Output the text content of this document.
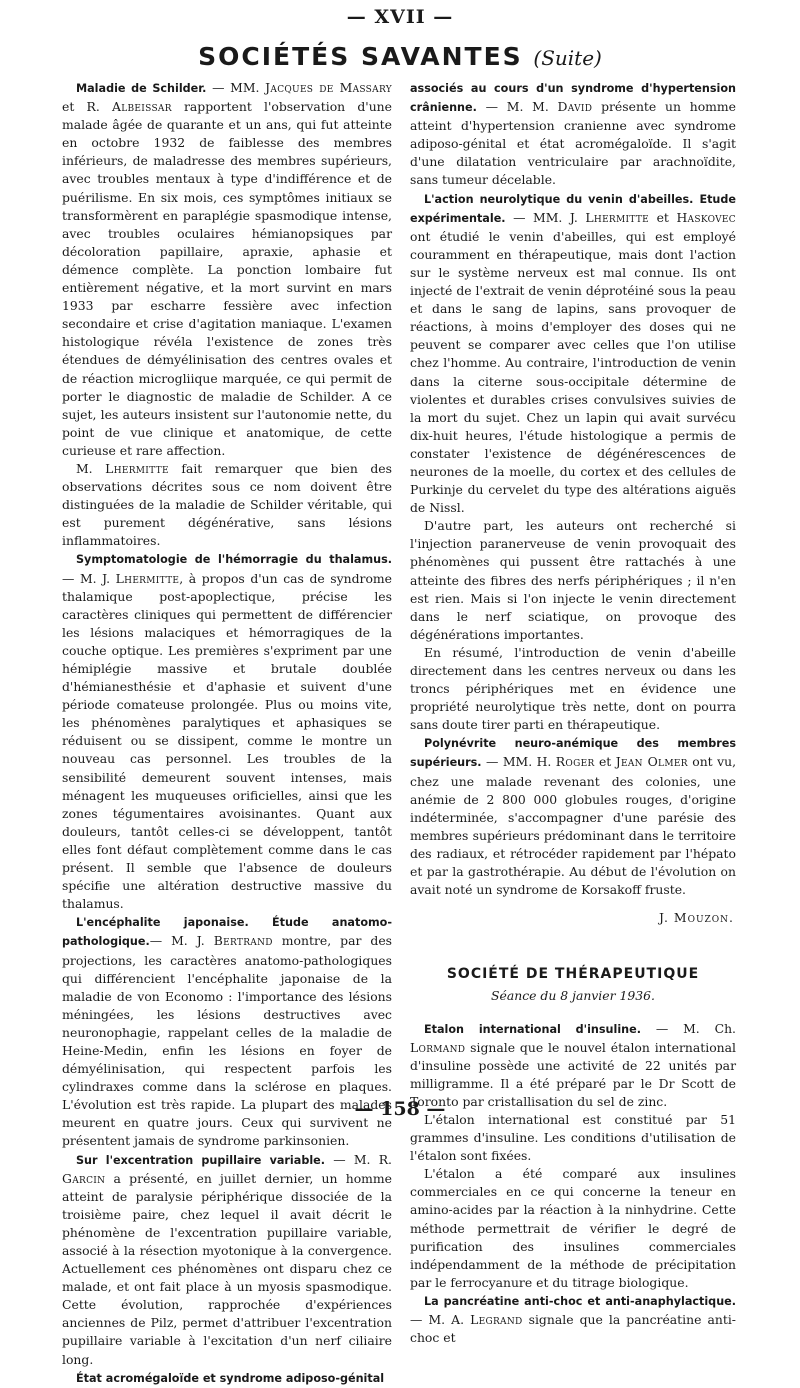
— XVII —
SOCIÉTÉS SAVANTES (Suite)

Maladie de Schilder. — MM. Jacques de Massary et R. Albeissar rapportent l'observation d'une malade âgée de quarante et un ans, qui fut atteinte en octobre 1932 de faiblesse des membres inférieurs, de maladresse des membres supérieurs, avec troubles mentaux à type d'indifférence et de puérilisme. En six mois, ces symptômes initiaux se transformèrent en paraplégie spasmodique intense, avec troubles oculaires hémianopsiques par décoloration papillaire, apraxie, aphasie et démence complète. La ponction lombaire fut entièrement négative, et la mort survint en mars 1933 par escharre fessière avec infection secondaire et crise d'agitation maniaque. L'examen histologique révéla l'existence de zones très étendues de démyélinisation des centres ovales et de réaction microgliique marquée, ce qui permit de porter le diagnostic de maladie de Schilder. A ce sujet, les auteurs insistent sur l'autonomie nette, du point de vue clinique et anatomique, de cette curieuse et rare affection.

M. Lhermitte fait remarquer que bien des observations décrites sous ce nom doivent être distinguées de la maladie de Schilder véritable, qui est purement dégénérative, sans lésions inflammatoires.

Symptomatologie de l'hémorragie du thalamus. — M. J. Lhermitte, à propos d'un cas de syndrome thalamique post-apoplectique, précise les caractères cliniques qui permettent de différencier les lésions malaciques et hémorragiques de la couche optique. Les premières s'expriment par une hémiplégie massive et brutale doublée d'hémianesthésie et d'aphasie et suivent d'une période comateuse prolongée. Plus ou moins vite, les phénomènes paralytiques et aphasiques se réduisent ou se dissipent, comme le montre un nouveau cas personnel. Les troubles de la sensibilité demeurent souvent intenses, mais ménagent les muqueuses orificielles, ainsi que les zones tégumentaires avoisinantes. Quant aux douleurs, tantôt celles-ci se développent, tantôt elles font défaut complètement comme dans le cas présent. Il semble que l'absence de douleurs spécifie une altération destructive massive du thalamus.

L'encéphalite japonaise. Étude anatomo-pathologique.— M. J. Bertrand montre, par des projections, les caractères anatomo-pathologiques qui différencient l'encéphalite japonaise de la maladie de von Economo : l'importance des lésions méningées, les lésions destructives avec neuronophagie, rappelant celles de la maladie de Heine-Medin, enfin les lésions en foyer de démyélinisation, qui respectent parfois les cylindraxes comme dans la sclérose en plaques. L'évolution est très rapide. La plupart des malades meurent en quatre jours. Ceux qui survivent ne présentent jamais de syndrome parkinsonien.

Sur l'excentration pupillaire variable. — M. R. Garcin a présenté, en juillet dernier, un homme atteint de paralysie périphérique dissociée de la troisième paire, chez lequel il avait décrit le phénomène de l'excentration pupillaire variable, associé à la résection myotonique à la convergence. Actuellement ces phénomènes ont disparu chez ce malade, et ont fait place à un myosis spasmodique. Cette évolution, rapprochée d'expériences anciennes de Pilz, permet d'attribuer l'excentration pupillaire variable à l'excitation d'un nerf ciliaire long.

État acromégaloïde et syndrome adiposo-génital

associés au cours d'un syndrome d'hypertension crânienne. — M. M. David présente un homme atteint d'hypertension cranienne avec syndrome adiposo-génital et état acromégaloïde. Il s'agit d'une dilatation ventriculaire par arachnoïdite, sans tumeur décelable.

L'action neurolytique du venin d'abeilles. Etude expérimentale. — MM. J. Lhermitte et Haskovec ont étudié le venin d'abeilles, qui est employé couramment en thérapeutique, mais dont l'action sur le système nerveux est mal connue. Ils ont injecté de l'extrait de venin déprotéiné sous la peau et dans le sang de lapins, sans provoquer de réactions, à moins d'employer des doses qui ne peuvent se comparer avec celles que l'on utilise chez l'homme. Au contraire, l'introduction de venin dans la citerne sous-occipitale détermine de violentes et durables crises convulsives suivies de la mort du sujet. Chez un lapin qui avait survécu dix-huit heures, l'étude histologique a permis de constater l'existence de dégénérescences de neurones de la moelle, du cortex et des cellules de Purkinje du cervelet du type des altérations aiguës de Nissl.

D'autre part, les auteurs ont recherché si l'injection paranerveuse de venin provoquait des phénomènes qui pussent être rattachés à une atteinte des fibres des nerfs périphériques ; il n'en est rien. Mais si l'on injecte le venin directement dans le nerf sciatique, on provoque des dégénérations importantes.

En résumé, l'introduction de venin d'abeille directement dans les centres nerveux ou dans les troncs périphériques met en évidence une propriété neurolytique très nette, dont on pourra sans doute tirer parti en thérapeutique.

Polynévrite neuro-anémique des membres supérieurs. — MM. H. Roger et Jean Olmer ont vu, chez une malade revenant des colonies, une anémie de 2 800 000 globules rouges, d'origine indéterminée, s'accompagner d'une parésie des membres supérieurs prédominant dans le territoire des radiaux, et rétrocéder rapidement par l'hépato et par la gastrothérapie. Au début de l'évolution on avait noté un syndrome de Korsakoff fruste.

J. Mouzon.

SOCIÉTÉ DE THÉRAPEUTIQUE
Séance du 8 janvier 1936.

Etalon international d'insuline. — M. Ch. Lormand signale que le nouvel étalon international d'insuline possède une activité de 22 unités par milligramme. Il a été préparé par le Dr Scott de Toronto par cristallisation du sel de zinc.

L'étalon international est constitué par 51 grammes d'insuline. Les conditions d'utilisation de l'étalon sont fixées.

L'étalon a été comparé aux insulines commerciales en ce qui concerne la teneur en amino-acides par la réaction à la ninhydrine. Cette méthode permettrait de vérifier le degré de purification des insulines commerciales indépendamment de la méthode de précipitation par le ferrocyanure et du titrage biologique.

La pancréatine anti-choc et anti-anaphylactique. — M. A. Legrand signale que la pancréatine anti-choc et

— 158 —
